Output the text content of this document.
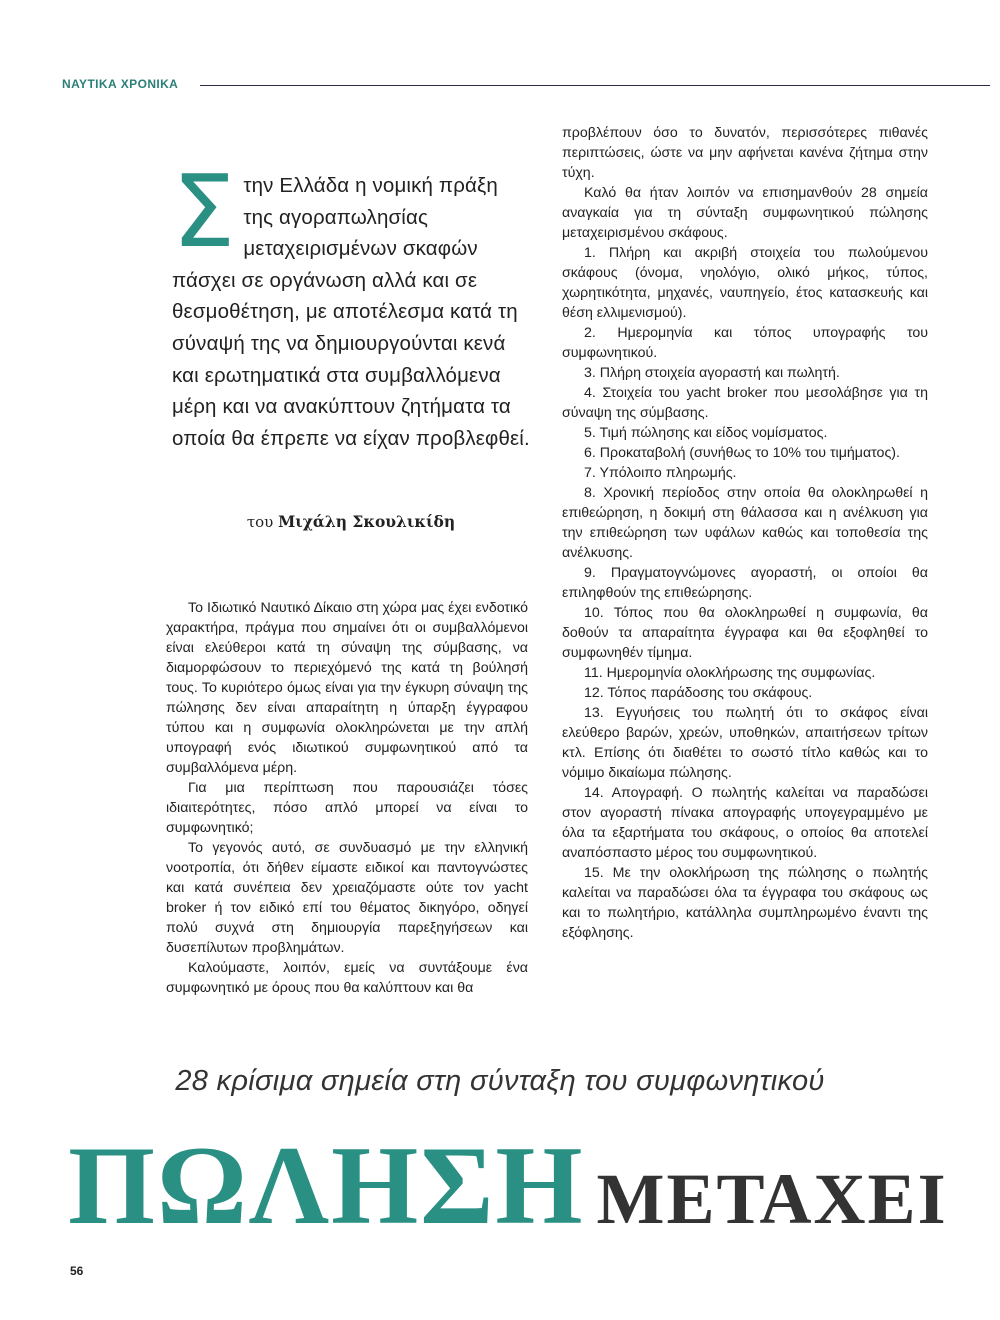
ΝΑΥΤΙΚΑ ΧΡΟΝΙΚΑ
Στην Ελλάδα η νομική πράξη της αγοραπωλησίας μεταχειρισμένων σκαφών πάσχει σε οργάνωση αλλά και σε θεσμοθέτηση, με αποτέλεσμα κατά τη σύναψή της να δημιουργούνται κενά και ερωτηματικά στα συμβαλλόμενα μέρη και να ανακύπτουν ζητήματα τα οποία θα έπρεπε να είχαν προβλεφθεί.
του Μιχάλη Σκουλικίδη

Το Ιδιωτικό Ναυτικό Δίκαιο στη χώρα μας έχει ενδοτικό χαρακτήρα, πράγμα που σημαίνει ότι οι συμβαλλόμενοι είναι ελεύθεροι κατά τη σύναψη της σύμβασης, να διαμορφώσουν το περιεχόμενό της κατά τη βούλησή τους. Το κυριότερο όμως είναι για την έγκυρη σύναψη της πώλησης δεν είναι απαραίτητη η ύπαρξη έγγραφου τύπου και η συμφωνία ολοκληρώνεται με την απλή υπογραφή ενός ιδιωτικού συμφωνητικού από τα συμβαλλόμενα μέρη.

Για μια περίπτωση που παρουσιάζει τόσες ιδιαιτερότητες, πόσο απλό μπορεί να είναι το συμφωνητικό;

Το γεγονός αυτό, σε συνδυασμό με την ελληνική νοοτροπία, ότι δήθεν είμαστε ειδικοί και παντογνώστες και κατά συνέπεια δεν χρειαζόμαστε ούτε τον yacht broker ή τον ειδικό επί του θέματος δικηγόρο, οδηγεί πολύ συχνά στη δημιουργία παρεξηγήσεων και δυσεπίλυτων προβλημάτων.

Καλούμαστε, λοιπόν, εμείς να συντάξουμε ένα συμφωνητικό με όρους που θα καλύπτουν και θα

προβλέπουν όσο το δυνατόν, περισσότερες πιθανές περιπτώσεις, ώστε να μην αφήνεται κανένα ζήτημα στην τύχη.

Καλό θα ήταν λοιπόν να επισημανθούν 28 σημεία αναγκαία για τη σύνταξη συμφωνητικού πώλησης μεταχειρισμένου σκάφους.

1. Πλήρη και ακριβή στοιχεία του πωλούμενου σκάφους (όνομα, νηολόγιο, ολικό μήκος, τύπος, χωρητικότητα, μηχανές, ναυπηγείο, έτος κατασκευής και θέση ελλιμενισμού).

2. Ημερομηνία και τόπος υπογραφής του συμφωνητικού.

3. Πλήρη στοιχεία αγοραστή και πωλητή.

4. Στοιχεία του yacht broker που μεσολάβησε για τη σύναψη της σύμβασης.

5. Τιμή πώλησης και είδος νομίσματος.

6. Προκαταβολή (συνήθως το 10% του τιμήματος).

7. Υπόλοιπο πληρωμής.

8. Χρονική περίοδος στην οποία θα ολοκληρωθεί η επιθεώρηση, η δοκιμή στη θάλασσα και η ανέλκυση για την επιθεώρηση των υφάλων καθώς και τοποθεσία της ανέλκυσης.

9. Πραγματογνώμονες αγοραστή, οι οποίοι θα επιληφθούν της επιθεώρησης.

10. Τόπος που θα ολοκληρωθεί η συμφωνία, θα δοθούν τα απαραίτητα έγγραφα και θα εξοφληθεί το συμφωνηθέν τίμημα.

11. Ημερομηνία ολοκλήρωσης της συμφωνίας.

12. Τόπος παράδοσης του σκάφους.

13. Εγγυήσεις του πωλητή ότι το σκάφος είναι ελεύθερο βαρών, χρεών, υποθηκών, απαιτήσεων τρίτων κτλ. Επίσης ότι διαθέτει το σωστό τίτλο καθώς και το νόμιμο δικαίωμα πώλησης.

14. Απογραφή. Ο πωλητής καλείται να παραδώσει στον αγοραστή πίνακα απογραφής υπογεγραμμένο με όλα τα εξαρτήματα του σκάφους, ο οποίος θα αποτελεί αναπόσπαστο μέρος του συμφωνητικού.

15. Με την ολοκλήρωση της πώλησης ο πωλητής καλείται να παραδώσει όλα τα έγγραφα του σκάφους ως και το πωλητήριο, κατάλληλα συμπληρωμένο έναντι της εξόφλησης.

28 κρίσιμα σημεία στη σύνταξη του συμφωνητικού
ΠΩΛΗΣΗ ΜΕΤΑΧΕΙ
56
